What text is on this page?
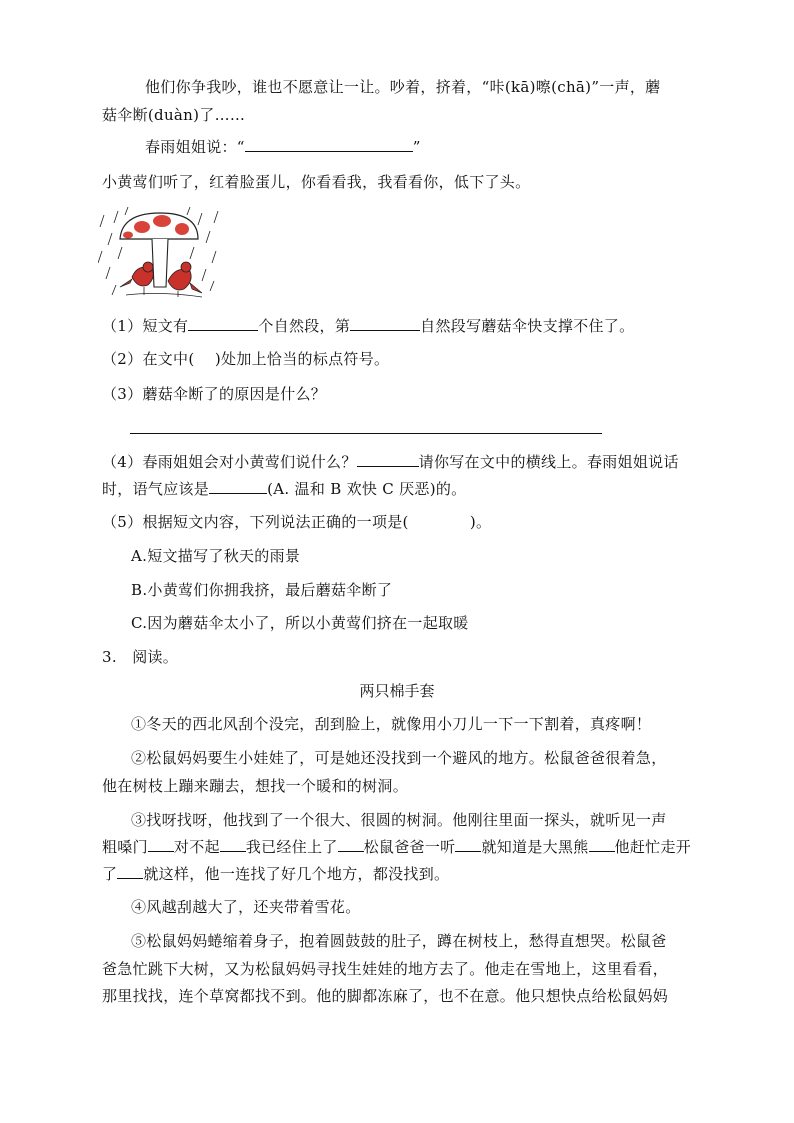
他们你争我吵，谁也不愿意让一让。吵着，挤着，“咔(kā)嚓(chā)”一声，蘑
菇伞断(duàn)了……
春雨姐姐说：“	”
小黄莺们听了，红着脸蛋儿，你看看我，我看看你，低下了头。
（1）短文有	个自然段，第	自然段写蘑菇伞快支撑不住了。
（2）在文中(　 )处加上恰当的标点符号。
（3）蘑菇伞断了的原因是什么？
（4）春雨姐姐会对小黄莺们说什么？	请你写在文中的横线上。春雨姐姐说话
时，语气应该是	(A. 温和 B 欢快 C 厌恶)的。
（5）根据短文内容，下列说法正确的一项是(　　　　)。
A.短文描写了秋天的雨景
B.小黄莺们你拥我挤，最后蘑菇伞断了
C.因为蘑菇伞太小了，所以小黄莺们挤在一起取暖
3.　阅读。
两只棉手套
①冬天的西北风刮个没完，刮到脸上，就像用小刀儿一下一下割着，真疼啊！
②松鼠妈妈要生小娃娃了，可是她还没找到一个避风的地方。松鼠爸爸很着急，
他在树枝上蹦来蹦去，想找一个暖和的树洞。
③找呀找呀，他找到了一个很大、很圆的树洞。他刚往里面一探头，就听见一声
粗嗓门 对不起 我已经住上了 松鼠爸爸一听 就知道是大黑熊 他赶忙走开
了 就这样，他一连找了好几个地方，都没找到。
④风越刮越大了，还夹带着雪花。
⑤松鼠妈妈蜷缩着身子，抱着圆鼓鼓的肚子，蹲在树枝上，愁得直想哭。松鼠爸
爸急忙跳下大树，又为松鼠妈妈寻找生娃娃的地方去了。他走在雪地上，这里看看，
那里找找，连个草窝都找不到。他的脚都冻麻了，也不在意。他只想快点给松鼠妈妈
